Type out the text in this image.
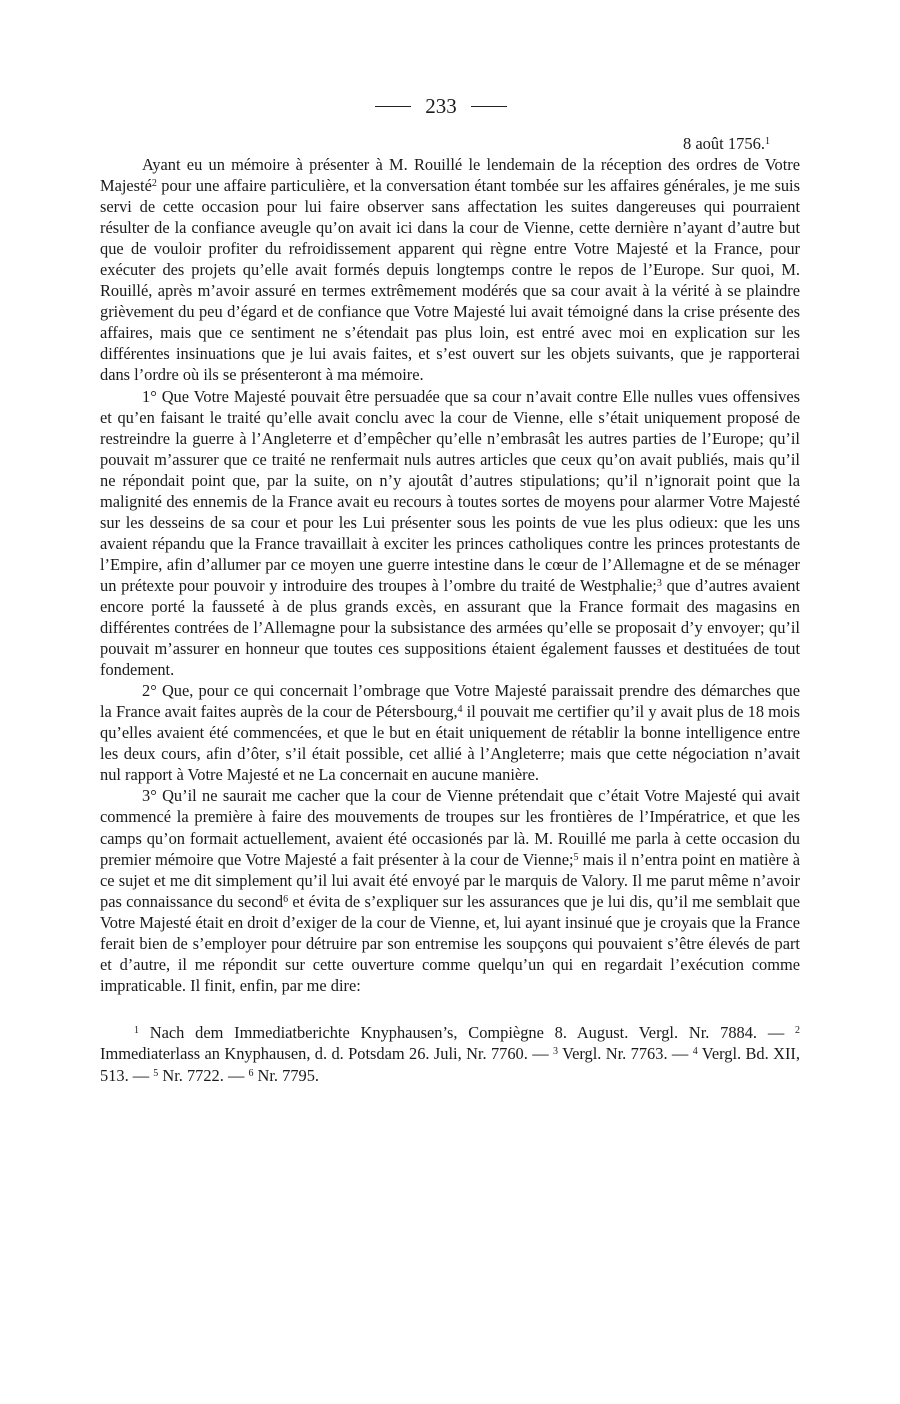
233
8 août 1756.$^1$

Ayant eu un mémoire à présenter à M. Rouillé le lendemain de la réception des ordres de Votre Majesté$^2$ pour une affaire particulière, et la conversation étant tombée sur les affaires générales, je me suis servi de cette occasion pour lui faire observer sans affectation les suites dangereuses qui pourraient résulter de la confiance aveugle qu’on avait ici dans la cour de Vienne, cette dernière n’ayant d’autre but que de vouloir profiter du refroidissement apparent qui règne entre Votre Majesté et la France, pour exécuter des projets qu’elle avait formés depuis longtemps contre le repos de l’Europe. Sur quoi, M. Rouillé, après m’avoir assuré en termes extrêmement modérés que sa cour avait à la vérité à se plaindre grièvement du peu d’égard et de confiance que Votre Majesté lui avait témoigné dans la crise présente des affaires, mais que ce sentiment ne s’étendait pas plus loin, est entré avec moi en explication sur les différentes insinuations que je lui avais faites, et s’est ouvert sur les objets suivants, que je rapporterai dans l’ordre où ils se présenteront à ma mémoire.

1° Que Votre Majesté pouvait être persuadée que sa cour n’avait contre Elle nulles vues offensives et qu’en faisant le traité qu’elle avait conclu avec la cour de Vienne, elle s’était uniquement proposé de restreindre la guerre à l’Angleterre et d’empêcher qu’elle n’embrasât les autres parties de l’Europe; qu’il pouvait m’assurer que ce traité ne renfermait nuls autres articles que ceux qu’on avait publiés, mais qu’il ne répondait point que, par la suite, on n’y ajoutât d’autres stipulations; qu’il n’ignorait point que la malignité des ennemis de la France avait eu recours à toutes sortes de moyens pour alarmer Votre Majesté sur les desseins de sa cour et pour les Lui présenter sous les points de vue les plus odieux: que les uns avaient répandu que la France travaillait à exciter les princes catholiques contre les princes protestants de l’Empire, afin d’allumer par ce moyen une guerre intestine dans le cœur de l’Allemagne et de se ménager un prétexte pour pouvoir y introduire des troupes à l’ombre du traité de Westphalie;$^3$ que d’autres avaient encore porté la fausseté à de plus grands excès, en assurant que la France formait des magasins en différentes contrées de l’Allemagne pour la subsistance des armées qu’elle se proposait d’y envoyer; qu’il pouvait m’assurer en honneur que toutes ces suppositions étaient également fausses et destituées de tout fondement.

2° Que, pour ce qui concernait l’ombrage que Votre Majesté paraissait prendre des démarches que la France avait faites auprès de la cour de Pétersbourg,$^4$ il pouvait me certifier qu’il y avait plus de 18 mois qu’elles avaient été commencées, et que le but en était uniquement de rétablir la bonne intelligence entre les deux cours, afin d’ôter, s’il était possible, cet allié à l’Angleterre; mais que cette négociation n’avait nul rapport à Votre Majesté et ne La concernait en aucune manière.

3° Qu’il ne saurait me cacher que la cour de Vienne prétendait que c’était Votre Majesté qui avait commencé la première à faire des mouvements de troupes sur les frontières de l’Impératrice, et que les camps qu’on formait actuellement, avaient été occasionés par là. M. Rouillé me parla à cette occasion du premier mémoire que Votre Majesté a fait présenter à la cour de Vienne;$^5$ mais il n’entra point en matière à ce sujet et me dit simplement qu’il lui avait été envoyé par le marquis de Valory. Il me parut même n’avoir pas connaissance du second$^6$ et évita de s’expliquer sur les assurances que je lui dis, qu’il me semblait que Votre Majesté était en droit d’exiger de la cour de Vienne, et, lui ayant insinué que je croyais que la France ferait bien de s’employer pour détruire par son entremise les soupçons qui pouvaient s’être élevés de part et d’autre, il me répondit sur cette ouverture comme quelqu’un qui en regardait l’exécution comme impraticable. Il finit, enfin, par me dire:

$^1$ Nach dem Immediatberichte Knyphausen’s, Compiègne 8. August. Vergl. Nr. 7884. — $^2$ Immediaterlass an Knyphausen, d. d. Potsdam 26. Juli, Nr. 7760. — $^3$ Vergl. Nr. 7763. — $^4$ Vergl. Bd. XII, 513. — $^5$ Nr. 7722. — $^6$ Nr. 7795.
